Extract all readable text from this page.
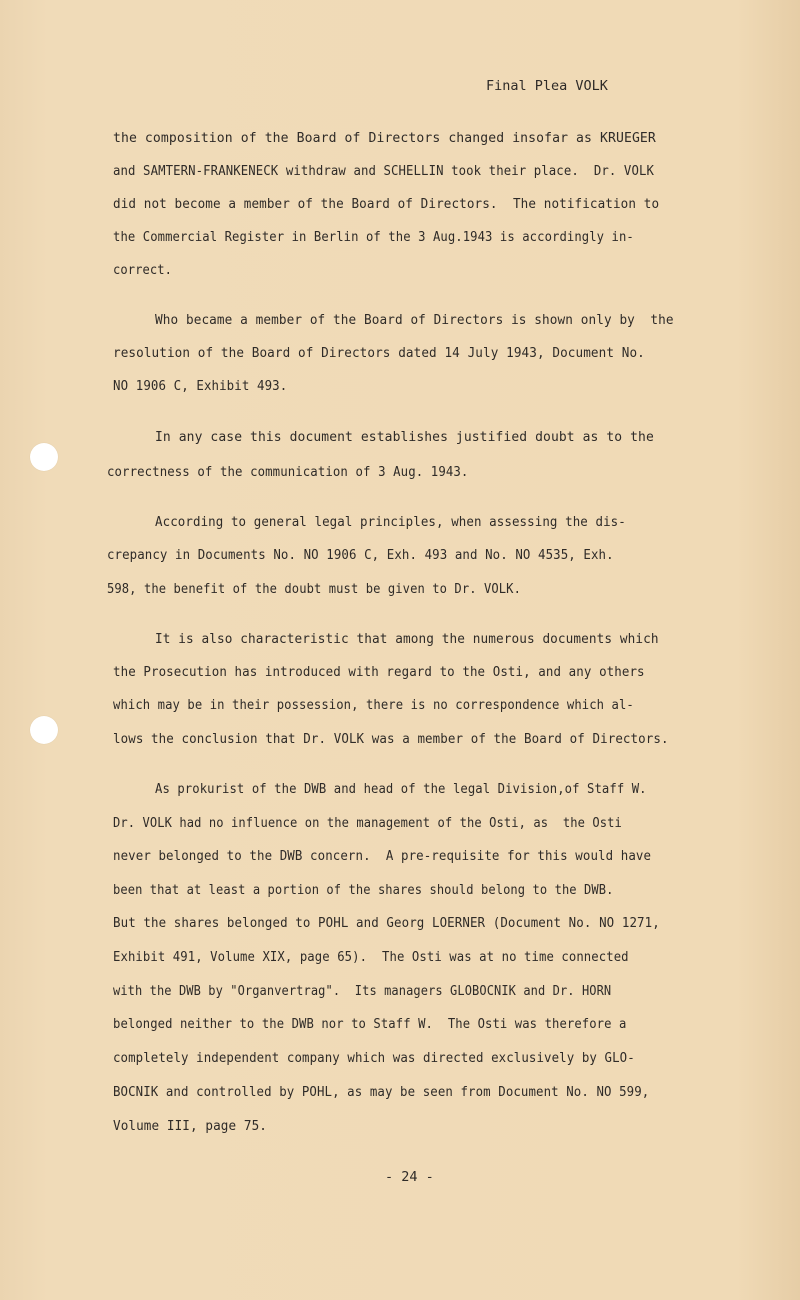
Final Plea VOLK
the composition of the Board of Directors changed insofar as KRUEGER
and SAMTERN-FRANKENECK withdraw and SCHELLIN took their place.  Dr. VOLK
did not become a member of the Board of Directors.  The notification to
the Commercial Register in Berlin of the 3 Aug.1943 is accordingly in-
correct.
Who became a member of the Board of Directors is shown only by  the
resolution of the Board of Directors dated 14 July 1943, Document No.
NO 1906 C, Exhibit 493.
In any case this document establishes justified doubt as to the
correctness of the communication of 3 Aug. 1943.
According to general legal principles, when assessing the dis-
crepancy in Documents No. NO 1906 C, Exh. 493 and No. NO 4535, Exh.
598, the benefit of the doubt must be given to Dr. VOLK.
It is also characteristic that among the numerous documents which
the Prosecution has introduced with regard to the Osti, and any others
which may be in their possession, there is no correspondence which al-
lows the conclusion that Dr. VOLK was a member of the Board of Directors.
As prokurist of the DWB and head of the legal Division,of Staff W.
Dr. VOLK had no influence on the management of the Osti, as  the Osti
never belonged to the DWB concern.  A pre-requisite for this would have
been that at least a portion of the shares should belong to the DWB.
But the shares belonged to POHL and Georg LOERNER (Document No. NO 1271,
Exhibit 491, Volume XIX, page 65).  The Osti was at no time connected
with the DWB by "Organvertrag".  Its managers GLOBOCNIK and Dr. HORN
belonged neither to the DWB nor to Staff W.  The Osti was therefore a
completely independent company which was directed exclusively by GLO-
BOCNIK and controlled by POHL, as may be seen from Document No. NO 599,
Volume III, page 75.
- 24 -
